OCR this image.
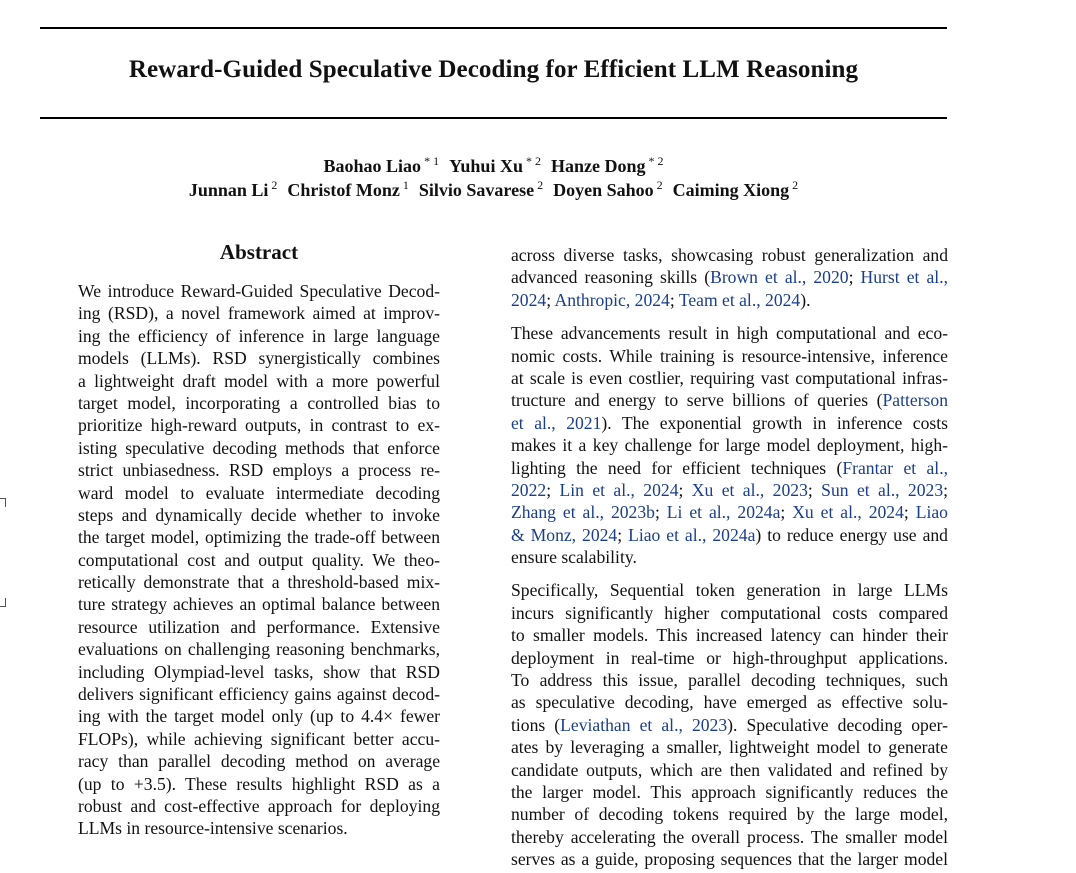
Reward-Guided Speculative Decoding for Efficient LLM Reasoning
Baohao Liao $^{* 1}$ Yuhui Xu $^{* 2}$ Hanze Dong $^{* 2}$
Junnan Li $^2$ Christof Monz $^1$ Silvio Savarese $^2$ Doyen Sahoo $^2$ Caiming Xiong $^2$
Abstract
We introduce Reward-Guided Speculative Decod-
ing (RSD), a novel framework aimed at improv-
ing the efficiency of inference in large language
models (LLMs). RSD synergistically combines
a lightweight draft model with a more powerful
target model, incorporating a controlled bias to
prioritize high-reward outputs, in contrast to ex-
isting speculative decoding methods that enforce
strict unbiasedness. RSD employs a process re-
ward model to evaluate intermediate decoding
steps and dynamically decide whether to invoke
the target model, optimizing the trade-off between
computational cost and output quality. We theo-
retically demonstrate that a threshold-based mix-
ture strategy achieves an optimal balance between
resource utilization and performance. Extensive
evaluations on challenging reasoning benchmarks,
including Olympiad-level tasks, show that RSD
delivers significant efficiency gains against decod-
ing with the target model only (up to 4.4× fewer
FLOPs), while achieving significant better accu-
racy than parallel decoding method on average
(up to +3.5). These results highlight RSD as a
robust and cost-effective approach for deploying
LLMs in resource-intensive scenarios.
across diverse tasks, showcasing robust generalization and
advanced reasoning skills (Brown et al., 2020; Hurst et al.,
2024; Anthropic, 2024; Team et al., 2024).
These advancements result in high computational and eco-
nomic costs. While training is resource-intensive, inference
at scale is even costlier, requiring vast computational infras-
tructure and energy to serve billions of queries (Patterson
et al., 2021). The exponential growth in inference costs
makes it a key challenge for large model deployment, high-
lighting the need for efficient techniques (Frantar et al.,
2022; Lin et al., 2024; Xu et al., 2023; Sun et al., 2023;
Zhang et al., 2023b; Li et al., 2024a; Xu et al., 2024; Liao
& Monz, 2024; Liao et al., 2024a) to reduce energy use and
ensure scalability.
Specifically, Sequential token generation in large LLMs
incurs significantly higher computational costs compared
to smaller models. This increased latency can hinder their
deployment in real-time or high-throughput applications.
To address this issue, parallel decoding techniques, such
as speculative decoding, have emerged as effective solu-
tions (Leviathan et al., 2023). Speculative decoding oper-
ates by leveraging a smaller, lightweight model to generate
candidate outputs, which are then validated and refined by
the larger model. This approach significantly reduces the
number of decoding tokens required by the large model,
thereby accelerating the overall process. The smaller model
serves as a guide, proposing sequences that the larger model
